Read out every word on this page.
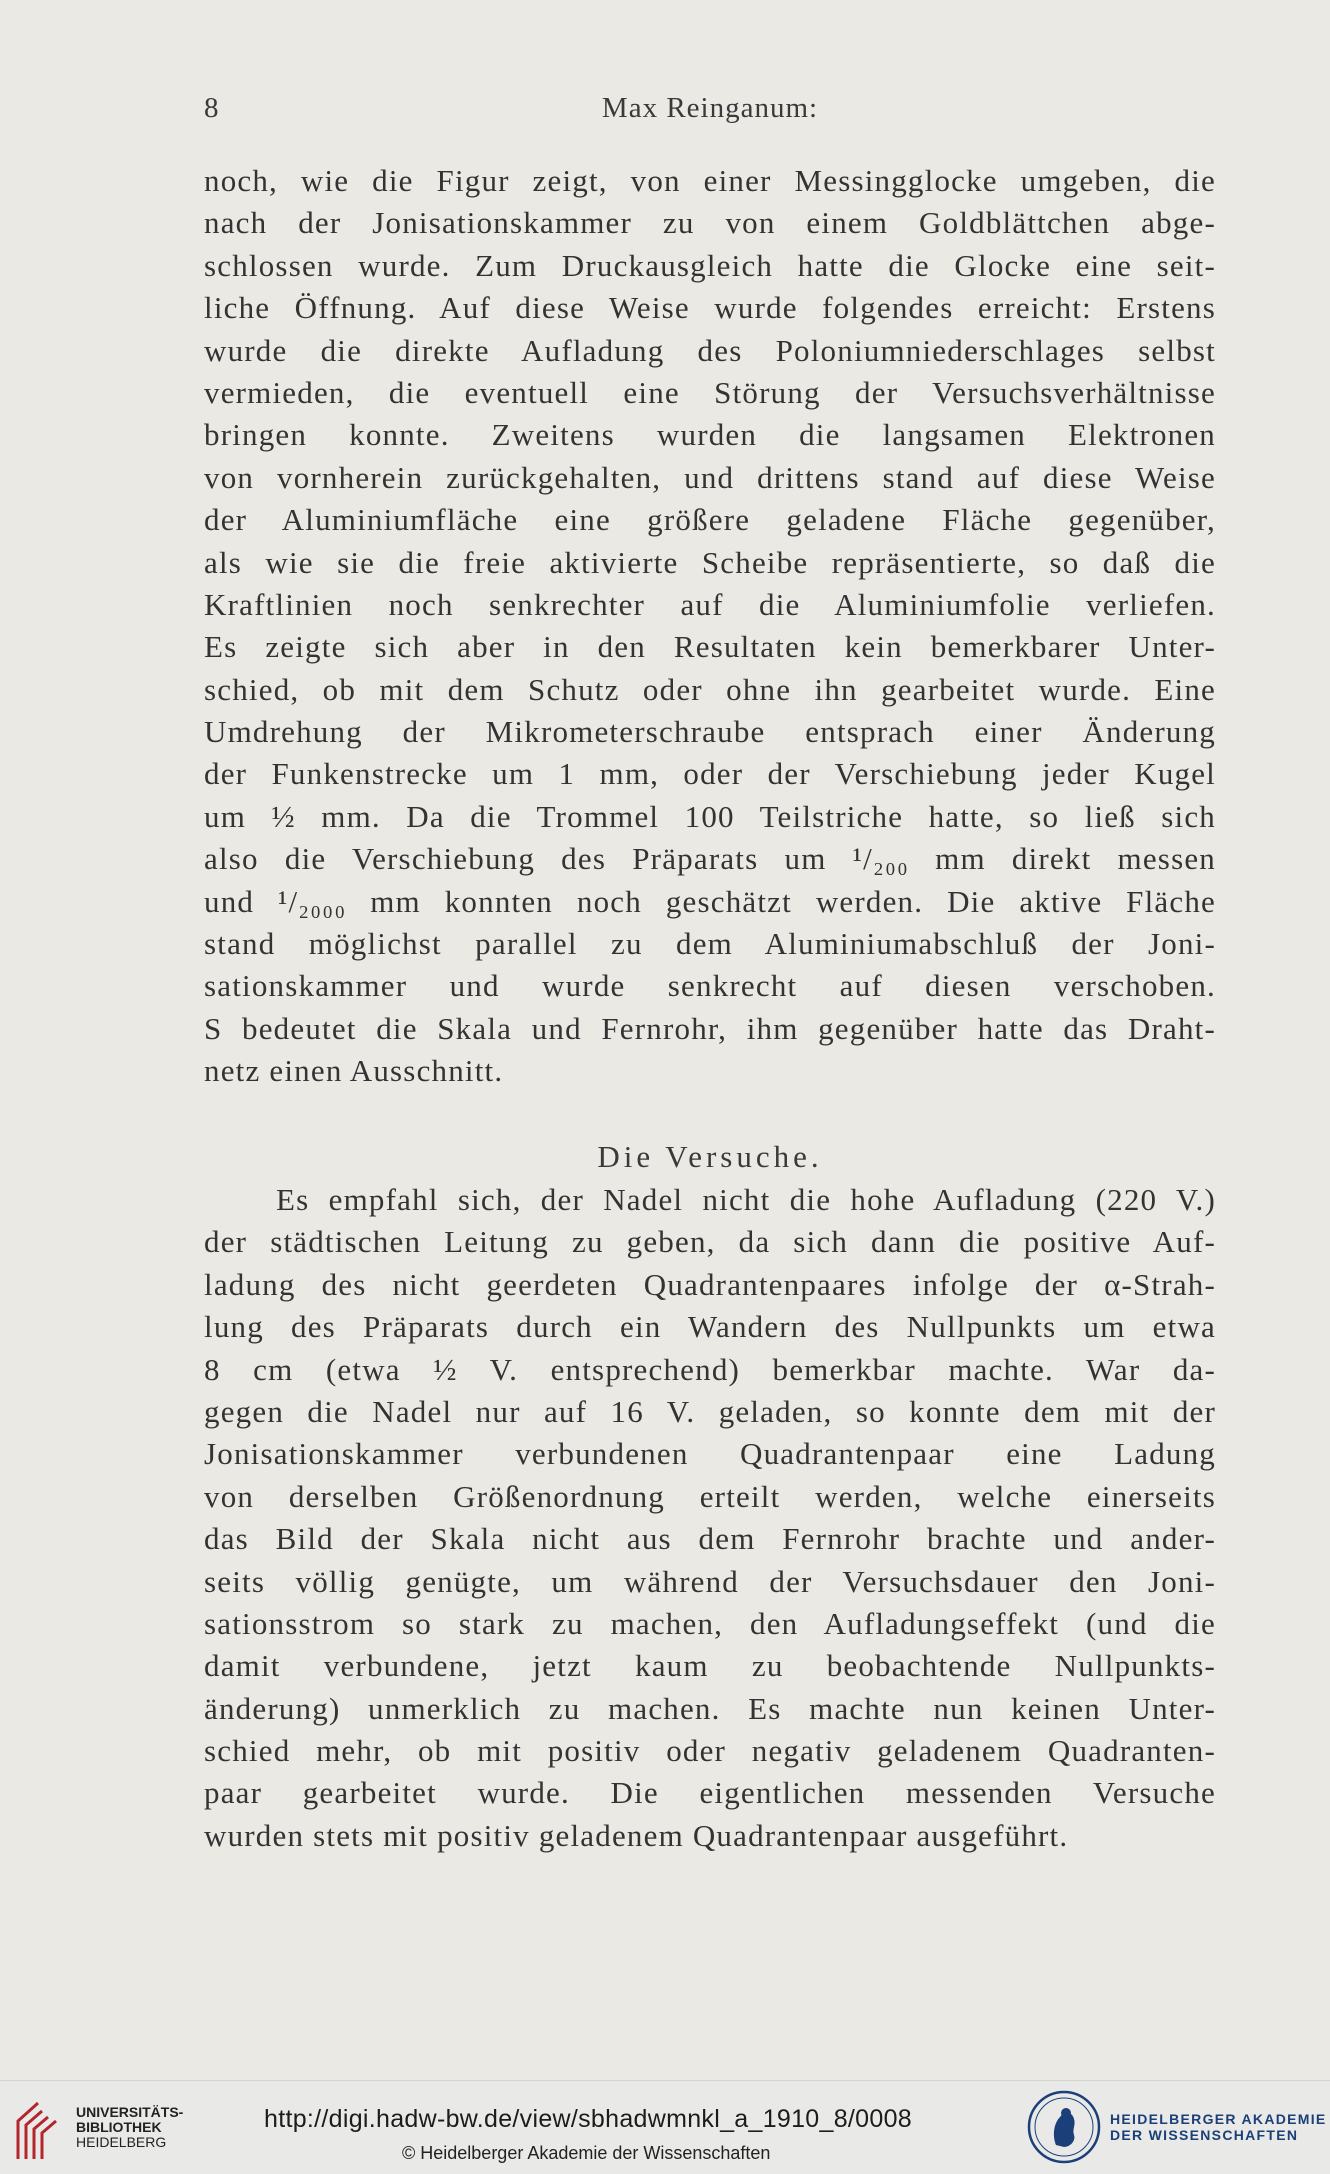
8	Max Reinganum:
noch, wie die Figur zeigt, von einer Messingglocke umgeben, die
nach der Jonisationskammer zu von einem Goldblättchen abge-
schlossen wurde. Zum Druckausgleich hatte die Glocke eine seit-
liche Öffnung. Auf diese Weise wurde folgendes erreicht: Erstens
wurde die direkte Aufladung des Poloniumniederschlages selbst
vermieden, die eventuell eine Störung der Versuchsverhältnisse
bringen konnte. Zweitens wurden die langsamen Elektronen
von vornherein zurückgehalten, und drittens stand auf diese Weise
der Aluminiumfläche eine größere geladene Fläche gegenüber,
als wie sie die freie aktivierte Scheibe repräsentierte, so daß die
Kraftlinien noch senkrechter auf die Aluminiumfolie verliefen.
Es zeigte sich aber in den Resultaten kein bemerkbarer Unter-
schied, ob mit dem Schutz oder ohne ihn gearbeitet wurde. Eine
Umdrehung der Mikrometerschraube entsprach einer Änderung
der Funkenstrecke um 1 mm, oder der Verschiebung jeder Kugel
um ½ mm. Da die Trommel 100 Teilstriche hatte, so ließ sich
also die Verschiebung des Präparats um ¹/₂₀₀ mm direkt messen
und ¹/₂₀₀₀ mm konnten noch geschätzt werden. Die aktive Fläche
stand möglichst parallel zu dem Aluminiumabschluß der Joni-
sationskammer und wurde senkrecht auf diesen verschoben.
S bedeutet die Skala und Fernrohr, ihm gegenüber hatte das Draht-
netz einen Ausschnitt.
Die Versuche.
Es empfahl sich, der Nadel nicht die hohe Aufladung (220 V.)
der städtischen Leitung zu geben, da sich dann die positive Auf-
ladung des nicht geerdeten Quadrantenpaares infolge der α-Strah-
lung des Präparats durch ein Wandern des Nullpunkts um etwa
8 cm (etwa ½ V. entsprechend) bemerkbar machte. War da-
gegen die Nadel nur auf 16 V. geladen, so konnte dem mit der
Jonisationskammer verbundenen Quadrantenpaar eine Ladung
von derselben Größenordnung erteilt werden, welche einerseits
das Bild der Skala nicht aus dem Fernrohr brachte und ander-
seits völlig genügte, um während der Versuchsdauer den Joni-
sationsstrom so stark zu machen, den Aufladungseffekt (und die
damit verbundene, jetzt kaum zu beobachtende Nullpunkts-
änderung) unmerklich zu machen. Es machte nun keinen Unter-
schied mehr, ob mit positiv oder negativ geladenem Quadranten-
paar gearbeitet wurde. Die eigentlichen messenden Versuche
wurden stets mit positiv geladenem Quadrantenpaar ausgeführt.
UNIVERSITÄTS-
BIBLIOTHEK
HEIDELBERG
http://digi.hadw-bw.de/view/sbhadwmnkl_a_1910_8/0008
© Heidelberger Akademie der Wissenschaften
HEIDELBERGER AKADEMIE
DER WISSENSCHAFTEN
